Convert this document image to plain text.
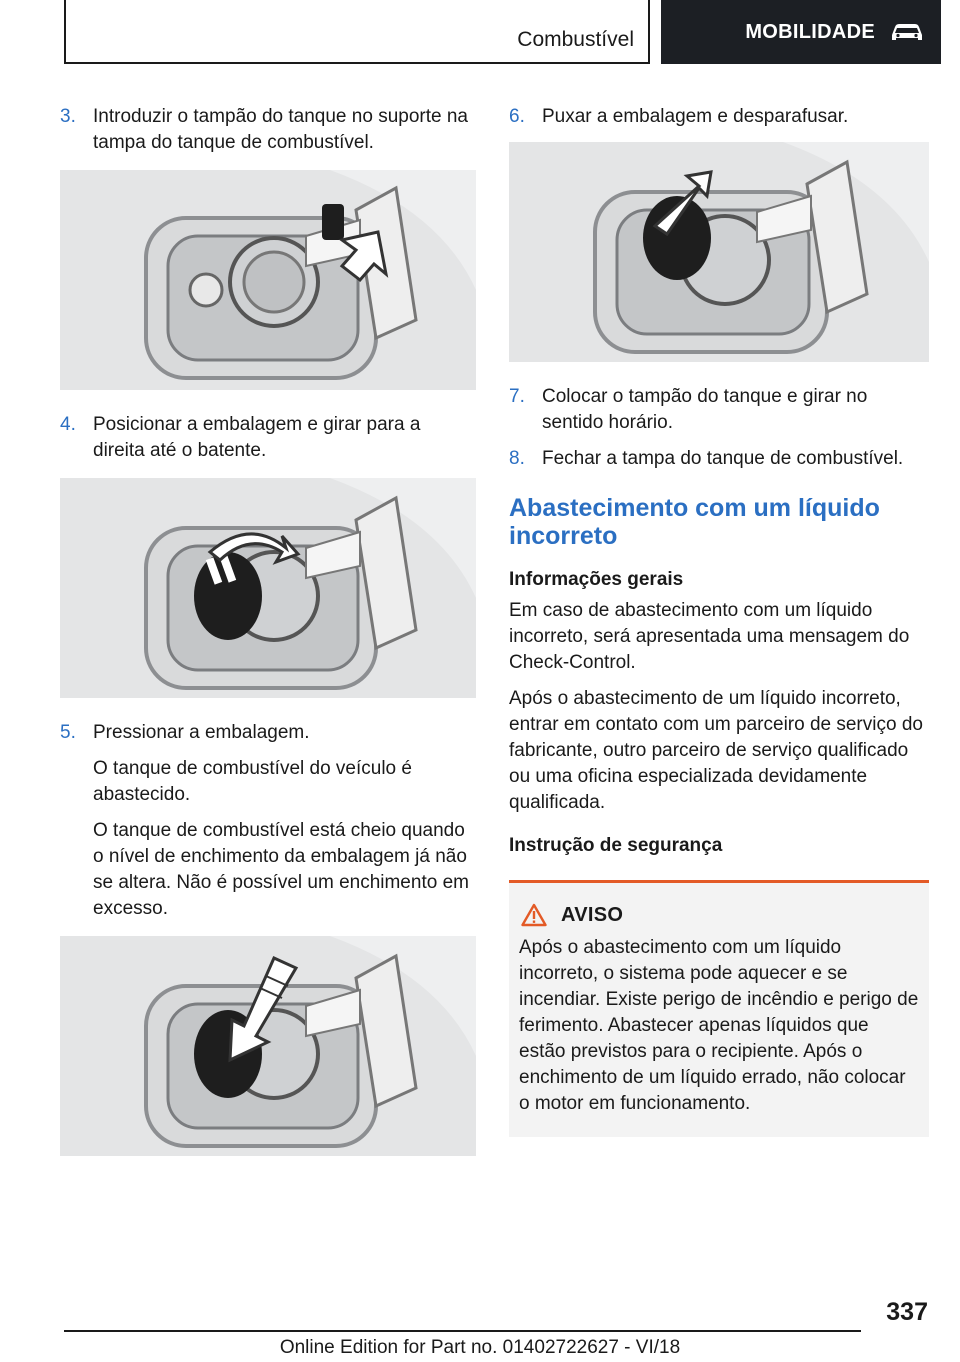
Combustível	MOBILIDADE
3. Introduzir o tampão do tanque no suporte na tampa do tanque de combustível.
4. Posicionar a embalagem e girar para a direita até o batente.
5. Pressionar a embalagem.

O tanque de combustível do veículo é abastecido.

O tanque de combustível está cheio quando o nível de enchimento da embalagem já não se altera. Não é possível um enchimento em excesso.

6. Puxar a embalagem e desparafusar.
7. Colocar o tampão do tanque e girar no sentido horário.
8. Fechar a tampa do tanque de combustível.
Abastecimento com um líquido incorreto
Informações gerais

Em caso de abastecimento com um líquido incorreto, será apresentada uma mensagem do Check-Control.

Após o abastecimento de um líquido incorreto, entrar em contato com um parceiro de serviço do fabricante, outro parceiro de serviço qualificado ou uma oficina especializada devidamente qualificada.

Instrução de segurança
AVISO

Após o abastecimento com um líquido incorreto, o sistema pode aquecer e se incendiar. Existe perigo de incêndio e perigo de ferimento. Abastecer apenas líquidos que estão previstos para o recipiente. Após o enchimento de um líquido errado, não colocar o motor em funcionamento.

337
Online Edition for Part no. 01402722627 - VI/18
